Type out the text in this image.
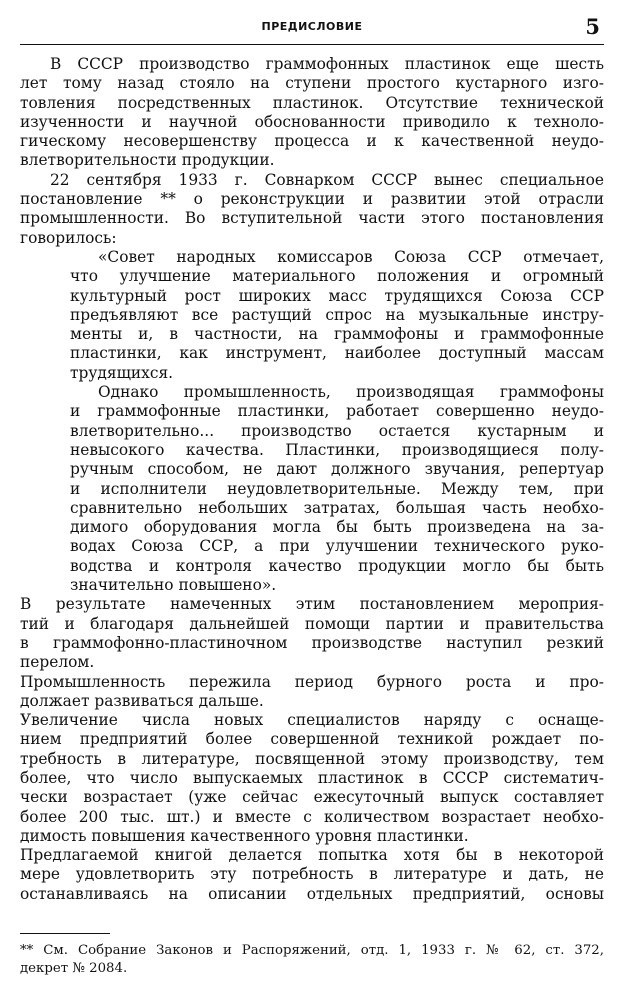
ПРЕДИСЛОВИЕ	5
В СССР производство граммофонных пластинок еще шесть
лет тому назад стояло на ступени простого кустарного изго-
товления посредственных пластинок. Отсутствие технической
изученности и научной обоснованности приводило к техноло-
гическому несовершенству процесса и к качественной неудо-
влетворительности продукции.
22 сентября 1933 г. Совнарком СССР вынес специальное
постановление ** о реконструкции и развитии этой отрасли
промышленности. Во вступительной части этого постановления
говорилось:
«Совет народных комиссаров Союза ССР отмечает,
что улучшение материального положения и огромный
культурный рост широких масс трудящихся Союза ССР
предъявляют все растущий спрос на музыкальные инстру-
менты и, в частности, на граммофоны и граммофонные
пластинки, как инструмент, наиболее доступный массам
трудящихся.
Однако промышленность, производящая граммофоны
и граммофонные пластинки, работает совершенно неудо-
влетворительно... производство остается кустарным и
невысокого качества. Пластинки, производящиеся полу-
ручным способом, не дают должного звучания, репертуар
и исполнители неудовлетворительные. Между тем, при
сравнительно небольших затратах, большая часть необхо-
димого оборудования могла бы быть произведена на за-
водах Союза ССР, а при улучшении технического руко-
водства и контроля качество продукции могло бы быть
значительно повышено».
В результате намеченных этим постановлением мероприя-
тий и благодаря дальнейшей помощи партии и правительства
в граммофонно-пластиночном производстве наступил резкий
перелом.
Промышленность пережила период бурного роста и про-
должает развиваться дальше.
Увеличение числа новых специалистов наряду с оснаще-
нием предприятий более совершенной техникой рождает по-
требность в литературе, посвященной этому производству, тем
более, что число выпускаемых пластинок в СССР систематич-
чески возрастает (уже сейчас ежесуточный выпуск составляет
более 200 тыс. шт.) и вместе с количеством возрастает необхо-
димость повышения качественного уровня пластинки.
Предлагаемой книгой делается попытка хотя бы в некоторой
мере удовлетворить эту потребность в литературе и дать, не
останавливаясь на описании отдельных предприятий, основы
** См. Собрание Законов и Распоряжений, отд. 1, 1933 г. № 62, ст. 372,
декрет № 2084.
